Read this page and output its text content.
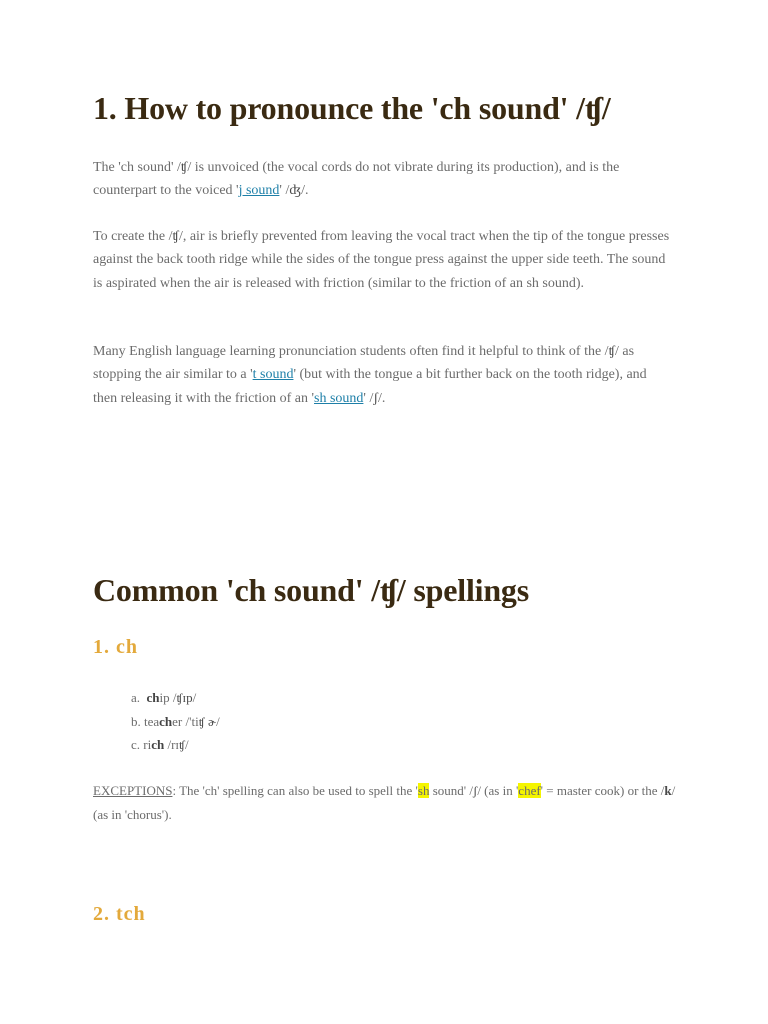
1. How to pronounce the 'ch sound' /ʧ/

The 'ch sound' /ʧ/ is unvoiced (the vocal cords do not vibrate during its production), and is the counterpart to the voiced 'j sound' /ʤ/.

To create the /ʧ/, air is briefly prevented from leaving the vocal tract when the tip of the tongue presses against the back tooth ridge while the sides of the tongue press against the upper side teeth. The sound is aspirated when the air is released with friction (similar to the friction of an sh sound).

Many English language learning pronunciation students often find it helpful to think of the /ʧ/ as stopping the air similar to a 't sound' (but with the tongue a bit further back on the tooth ridge), and then releasing it with the friction of an 'sh sound' /ʃ/.

Common 'ch sound' /ʧ/ spellings
1. ch
a. chip /ʧɪp/
b. teacher /'tiʧ ɚ/
c. rich /rɪʧ/

EXCEPTIONS: The 'ch' spelling can also be used to spell the 'sh sound' /ʃ/ (as in 'chef' = master cook) or the /k/ (as in 'chorus').

2. tch
